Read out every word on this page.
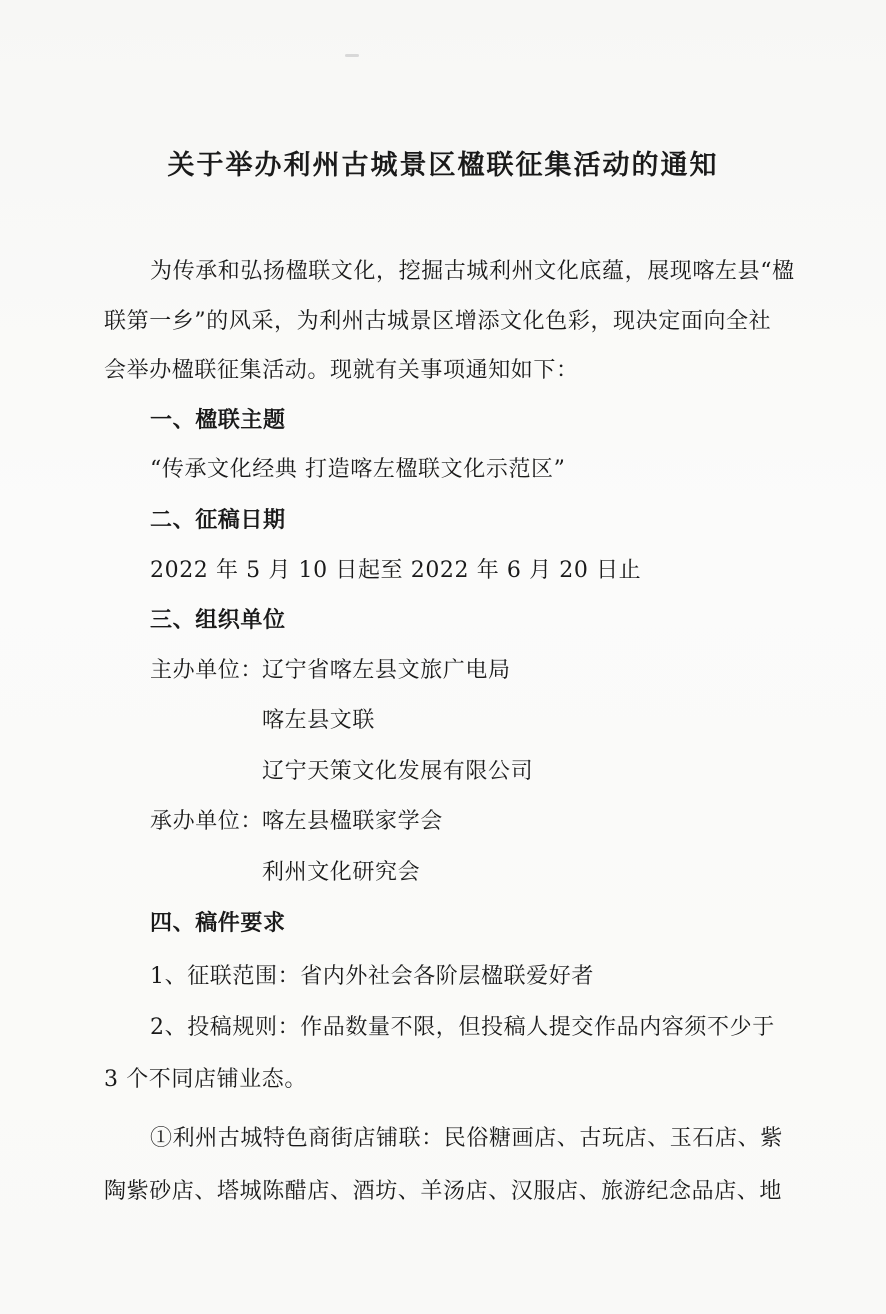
关于举办利州古城景区楹联征集活动的通知
为传承和弘扬楹联文化，挖掘古城利州文化底蕴，展现喀左县“楹
联第一乡”的风采，为利州古城景区增添文化色彩，现决定面向全社
会举办楹联征集活动。现就有关事项通知如下：
一、楹联主题
“传承文化经典 打造喀左楹联文化示范区”
二、征稿日期
2022 年 5 月 10 日起至 2022 年 6 月 20 日止
三、组织单位
主办单位：
辽宁省喀左县文旅广电局
喀左县文联
辽宁天策文化发展有限公司
承办单位：
喀左县楹联家学会
利州文化研究会
四、稿件要求
1、征联范围：省内外社会各阶层楹联爱好者
2、投稿规则：作品数量不限，但投稿人提交作品内容须不少于
3 个不同店铺业态。
①利州古城特色商街店铺联：民俗糖画店、古玩店、玉石店、紫
陶紫砂店、塔城陈醋店、酒坊、羊汤店、汉服店、旅游纪念品店、地
